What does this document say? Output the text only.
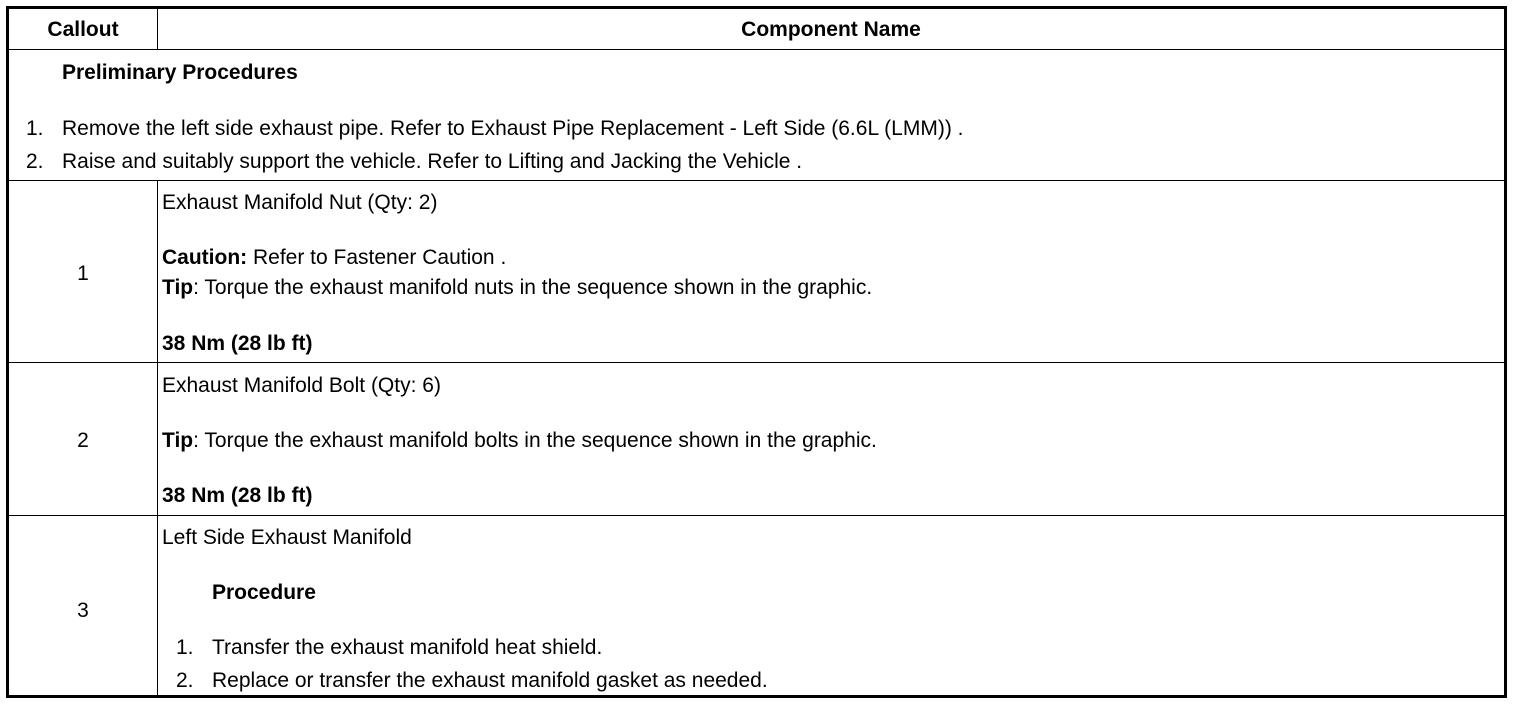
Callout	Component Name
Preliminary Procedures
1. Remove the left side exhaust pipe. Refer to Exhaust Pipe Replacement - Left Side (6.6L (LMM)) .
2. Raise and suitably support the vehicle. Refer to Lifting and Jacking the Vehicle .
1
Exhaust Manifold Nut (Qty: 2)
Caution: Refer to Fastener Caution .
Tip: Torque the exhaust manifold nuts in the sequence shown in the graphic.
38 Nm (28 lb ft)
2
Exhaust Manifold Bolt (Qty: 6)
Tip: Torque the exhaust manifold bolts in the sequence shown in the graphic.
38 Nm (28 lb ft)
3
Left Side Exhaust Manifold
Procedure
1. Transfer the exhaust manifold heat shield.
2. Replace or transfer the exhaust manifold gasket as needed.
